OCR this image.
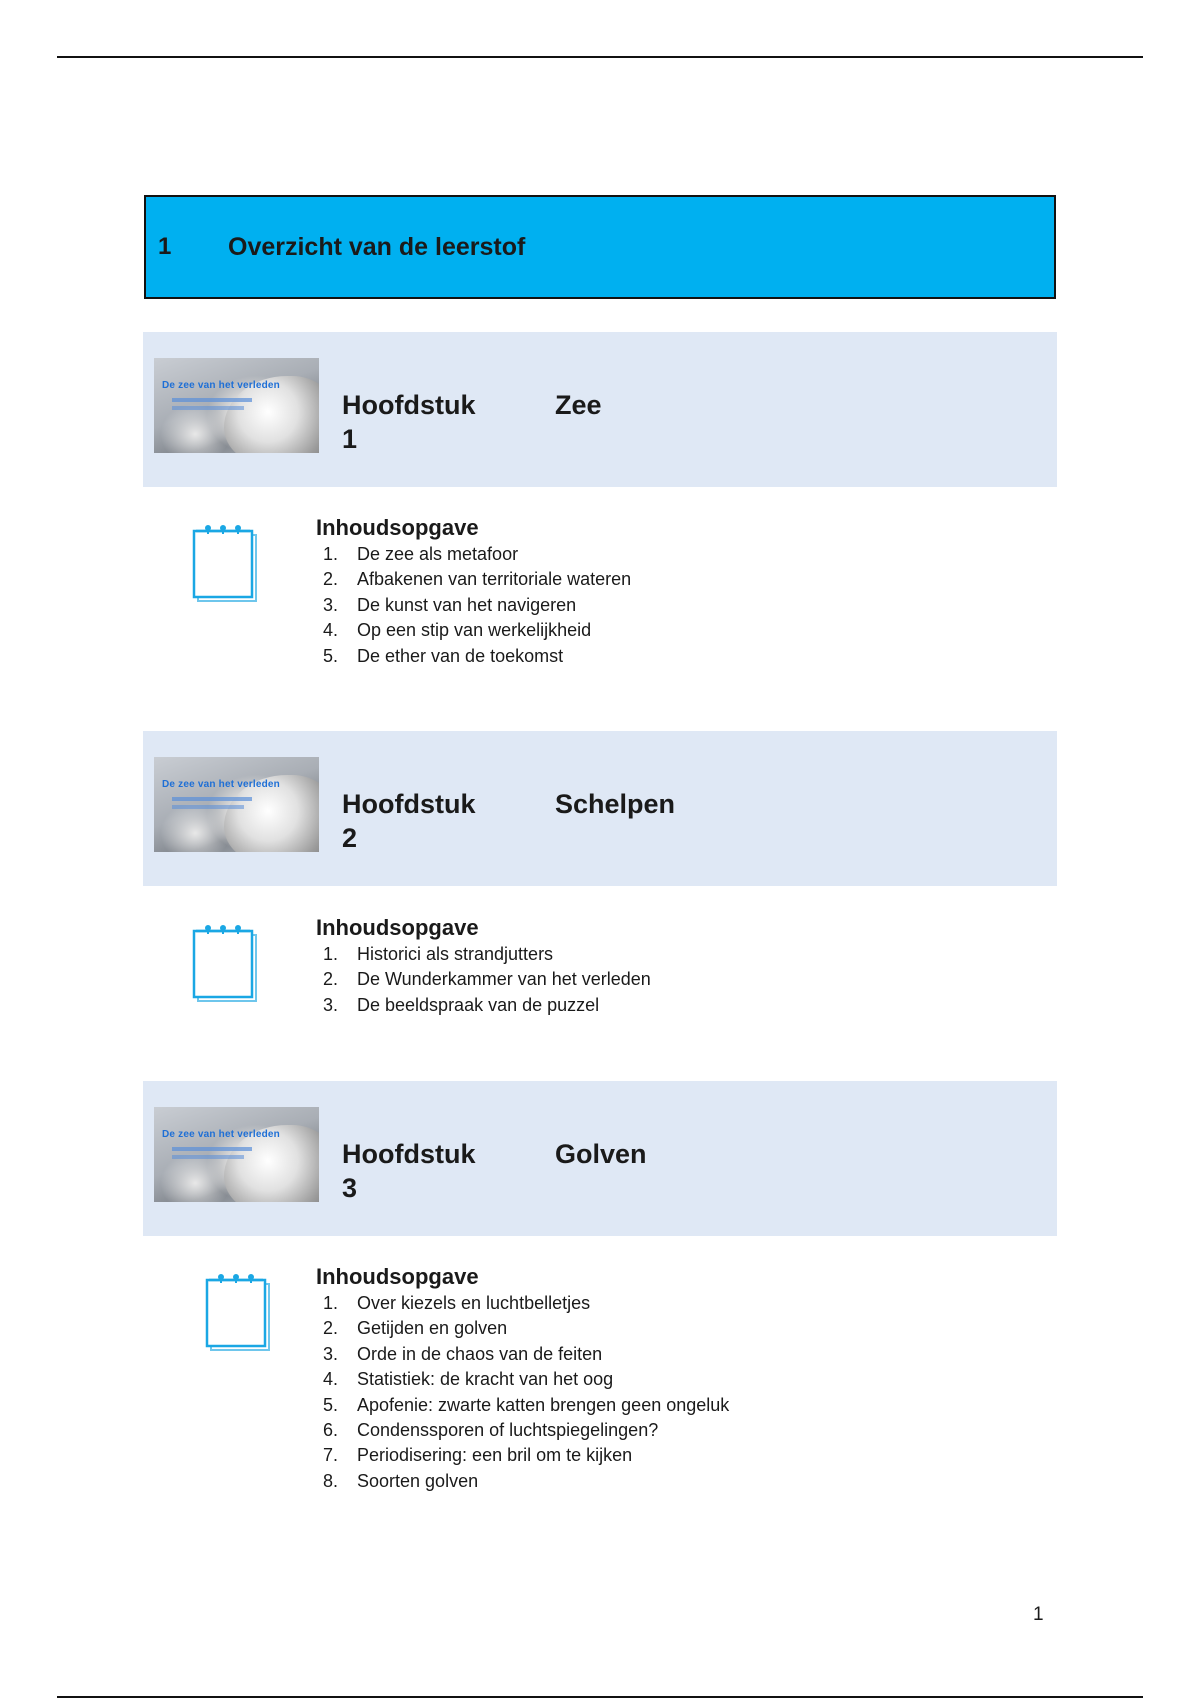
1	Overzicht van de leerstof
De zee van het verleden
Hoofdstuk
1
Zee
Inhoudsopgave
1.	De zee als metafoor
2.	Afbakenen van territoriale wateren
3.	De kunst van het navigeren
4.	Op een stip van werkelijkheid
5.	De ether van de toekomst
De zee van het verleden
Hoofdstuk
2
Schelpen
Inhoudsopgave
1.	Historici als strandjutters
2.	De Wunderkammer van het verleden
3.	De beeldspraak van de puzzel
De zee van het verleden
Hoofdstuk
3
Golven
Inhoudsopgave
1.	Over kiezels en luchtbelletjes
2.	Getijden en golven
3.	Orde in de chaos van de feiten
4.	Statistiek: de kracht van het oog
5.	Apofenie: zwarte katten brengen geen ongeluk
6.	Condenssporen of luchtspiegelingen?
7.	Periodisering: een bril om te kijken
8.	Soorten golven
1
